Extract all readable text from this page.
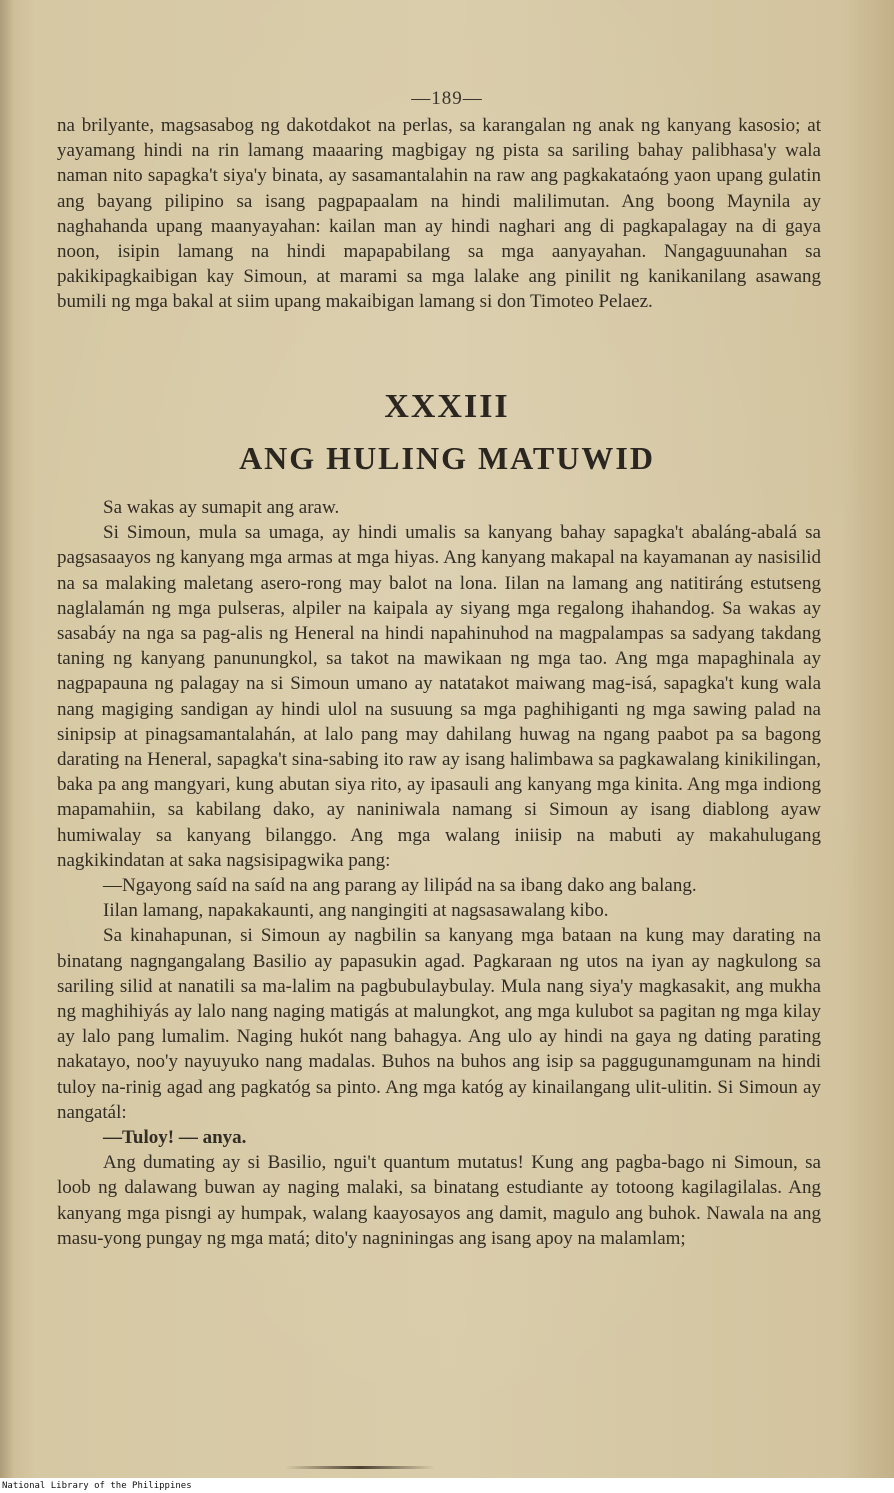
—189—

na brilyante, magsasabog ng dakotdakot na perlas, sa karangalan ng anak ng kanyang kasosio; at yayamang hindi na rin lamang maaaring magbigay ng pista sa sariling bahay palibhasa'y wala naman nito sapagka't siya'y binata, ay sasamantalahin na raw ang pagkakataóng yaon upang gulatin ang bayang pilipino sa isang pagpapaalam na hindi malilimutan. Ang boong Maynila ay naghahanda upang maanyayahan: kailan man ay hindi naghari ang di pagkapalagay na di gaya noon, isipin lamang na hindi mapapabilang sa mga aanyayahan. Nangaguunahan sa pakikipagkaibigan kay Simoun, at marami sa mga lalake ang pinilit ng kanikanilang asawang bumili ng mga bakal at siim upang makaibigan lamang si don Timoteo Pelaez.

XXXIII
ANG HULING MATUWID

Sa wakas ay sumapit ang araw.

Si Simoun, mula sa umaga, ay hindi umalis sa kanyang bahay sapagka't abaláng-abalá sa pagsasaayos ng kanyang mga armas at mga hiyas. Ang kanyang makapal na kayamanan ay nasisilid na sa malaking maletang asero-rong may balot na lona. Iilan na lamang ang natitiráng estutseng naglalamán ng mga pulseras, alpiler na kaipala ay siyang mga regalong ihahandog. Sa wakas ay sasabáy na nga sa pag-alis ng Heneral na hindi napahinuhod na magpalampas sa sadyang takdang taning ng kanyang panunungkol, sa takot na mawikaan ng mga tao. Ang mga mapaghinala ay nagpapauna ng palagay na si Simoun umano ay natatakot maiwang mag-isá, sapagka't kung wala nang magiging sandigan ay hindi ulol na susuung sa mga paghihiganti ng mga sawing palad na sinipsip at pinagsamantalahán, at lalo pang may dahilang huwag na ngang paabot pa sa bagong darating na Heneral, sapagka't sina-sabing ito raw ay isang halimbawa sa pagkawalang kinikilingan, baka pa ang mangyari, kung abutan siya rito, ay ipasauli ang kanyang mga kinita. Ang mga indiong mapamahiin, sa kabilang dako, ay naniniwala namang si Simoun ay isang diablong ayaw humiwalay sa kanyang bilanggo. Ang mga walang iniisip na mabuti ay makahulugang nagkikindatan at saka nagsisipagwika pang:

—Ngayong saíd na saíd na ang parang ay lilipád na sa ibang dako ang balang.

Iilan lamang, napakakaunti, ang nangingiti at nagsasawalang kibo.

Sa kinahapunan, si Simoun ay nagbilin sa kanyang mga bataan na kung may darating na binatang nagngangalang Basilio ay papasukin agad. Pagkaraan ng utos na iyan ay nagkulong sa sariling silid at nanatili sa ma-lalim na pagbubulaybulay. Mula nang siya'y magkasakit, ang mukha ng maghihiyás ay lalo nang naging matigás at malungkot, ang mga kulubot sa pagitan ng mga kilay ay lalo pang lumalim. Naging hukót nang bahagya. Ang ulo ay hindi na gaya ng dating parating nakatayo, noo'y nayuyuko nang madalas. Buhos na buhos ang isip sa paggugunamgunam na hindi tuloy na-rinig agad ang pagkatóg sa pinto. Ang mga katóg ay kinailangang ulit-ulitin. Si Simoun ay nangatál:

—Tuloy! — anya.

Ang dumating ay si Basilio, ngui't quantum mutatus! Kung ang pagba-bago ni Simoun, sa loob ng dalawang buwan ay naging malaki, sa binatang estudiante ay totoong kagilagilalas. Ang kanyang mga pisngi ay humpak, walang kaayosayos ang damit, magulo ang buhok. Nawala na ang masu-yong pungay ng mga matá; dito'y nagniningas ang isang apoy na malamlam;

National Library of the Philippines
